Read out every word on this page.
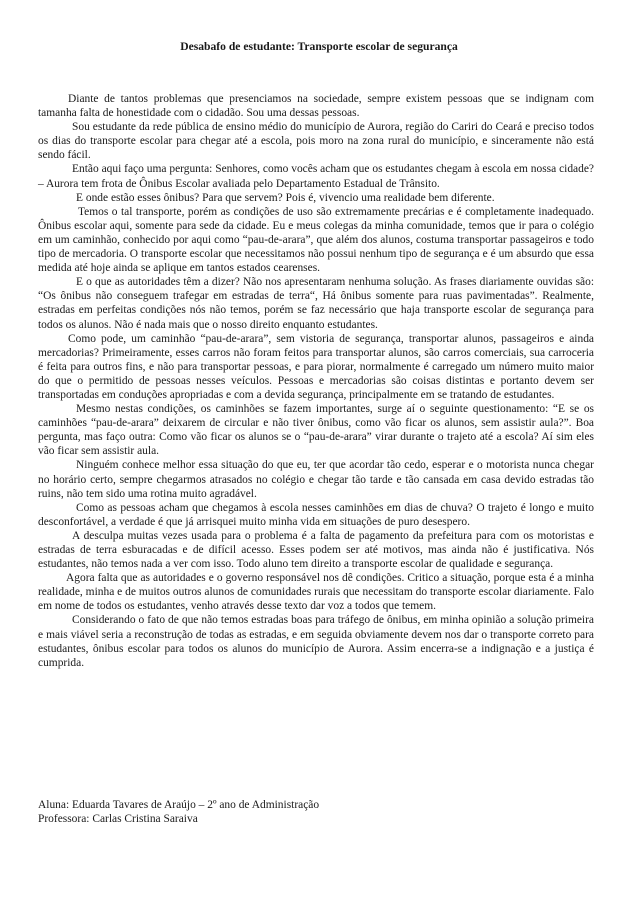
Desabafo de estudante: Transporte escolar de segurança

Diante de tantos problemas que presenciamos na sociedade, sempre existem pessoas que se indignam com tamanha falta de honestidade com o cidadão. Sou uma dessas pessoas.

Sou estudante da rede pública de ensino médio do município de Aurora, região do Cariri do Ceará e preciso todos os dias do transporte escolar para chegar até a escola, pois moro na zona rural do município, e sinceramente não está sendo fácil.

Então aqui faço uma pergunta: Senhores, como vocês acham que os estudantes chegam à escola em nossa cidade? – Aurora tem frota de Ônibus Escolar avaliada pelo Departamento Estadual de Trânsito.

E onde estão esses ônibus? Para que servem? Pois é, vivencio uma realidade bem diferente.

Temos o tal transporte, porém as condições de uso são extremamente precárias e é completamente inadequado. Ônibus escolar aqui, somente para sede da cidade. Eu e meus colegas da minha comunidade, temos que ir para o colégio em um caminhão, conhecido por aqui como “pau-de-arara”, que além dos alunos, costuma transportar passageiros e todo tipo de mercadoria. O transporte escolar que necessitamos não possui nenhum tipo de segurança e é um absurdo que essa medida até hoje ainda se aplique em tantos estados cearenses.

E o que as autoridades têm a dizer? Não nos apresentaram nenhuma solução. As frases diariamente ouvidas são: “Os ônibus não conseguem trafegar em estradas de terra“, Há ônibus somente para ruas pavimentadas”. Realmente, estradas em perfeitas condições nós não temos, porém se faz necessário que haja transporte escolar de segurança para todos os alunos. Não é nada mais que o nosso direito enquanto estudantes.

Como pode, um caminhão “pau-de-arara”, sem vistoria de segurança, transportar alunos, passageiros e ainda mercadorias? Primeiramente, esses carros não foram feitos para transportar alunos, são carros comerciais, sua carroceria é feita para outros fins, e não para transportar pessoas, e para piorar, normalmente é carregado um número muito maior do que o permitido de pessoas nesses veículos. Pessoas e mercadorias são coisas distintas e portanto devem ser transportadas em conduções apropriadas e com a devida segurança, principalmente em se tratando de estudantes.

Mesmo nestas condições, os caminhões se fazem importantes, surge aí o seguinte questionamento: “E se os caminhões “pau-de-arara” deixarem de circular e não tiver ônibus, como vão ficar os alunos, sem assistir aula?”. Boa pergunta, mas faço outra: Como vão ficar os alunos se o “pau-de-arara” virar durante o trajeto até a escola? Aí sim eles vão ficar sem assistir aula.

Ninguém conhece melhor essa situação do que eu, ter que acordar tão cedo, esperar e o motorista nunca chegar no horário certo, sempre chegarmos atrasados no colégio e chegar tão tarde e tão cansada em casa devido estradas tão ruins, não tem sido uma rotina muito agradável.

Como as pessoas acham que chegamos à escola nesses caminhões em dias de chuva? O trajeto é longo e muito desconfortável, a verdade é que já arrisquei muito minha vida em situações de puro desespero.

A desculpa muitas vezes usada para o problema é a falta de pagamento da prefeitura para com os motoristas e estradas de terra esburacadas e de difícil acesso. Esses podem ser até motivos, mas ainda não é justificativa. Nós estudantes, não temos nada a ver com isso. Todo aluno tem direito a transporte escolar de qualidade e segurança.

Agora falta que as autoridades e o governo responsável nos dê condições. Critico a situação, porque esta é a minha realidade, minha e de muitos outros alunos de comunidades rurais que necessitam do transporte escolar diariamente. Falo em nome de todos os estudantes, venho através desse texto dar voz a todos que temem.

Considerando o fato de que não temos estradas boas para tráfego de ônibus, em minha opinião a solução primeira e mais viável seria a reconstrução de todas as estradas, e em seguida obviamente devem nos dar o transporte correto para estudantes, ônibus escolar para todos os alunos do município de Aurora. Assim encerra-se a indignação e a justiça é cumprida.

Aluna: Eduarda Tavares de Araújo – 2º ano de Administração
Professora: Carlas Cristina Saraiva
